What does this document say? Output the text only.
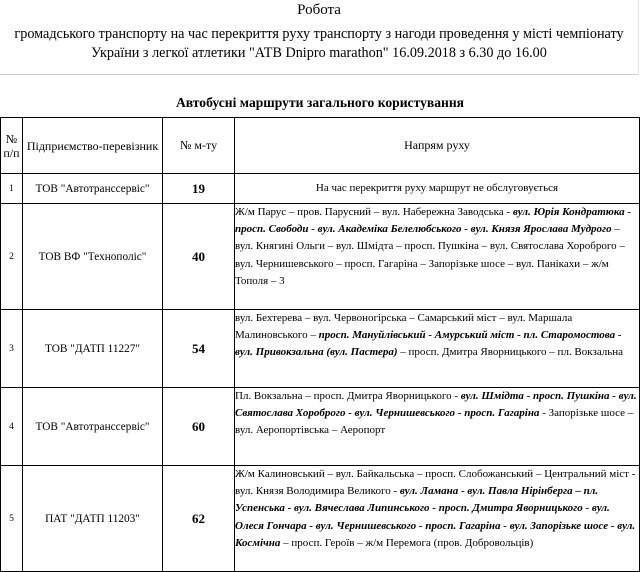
Робота
громадського транспорту на час перекриття руху транспорту з нагоди проведення у місті чемпіонату України з легкої атлетики "АТВ Dnipro marathon" 16.09.2018 з 6.30 до 16.00
Автобусні маршрути загального користування
№ п/п	Підприємство-перевізник	№ м-ту	Напрям руху
1	ТОВ "Автотранссервіс"	19	На час перекриття руху маршрут не обслуговується
2	ТОВ ВФ "Технополіс"	40	Ж/м Парус – пров. Парусний – вул. Набережна Заводська - вул. Юрія Кондратюка - просп. Свободи - вул. Академіка Белелюбського - вул. Князя Ярослава Мудрого – вул. Княгині Ольги – вул. Шмідта – просп. Пушкіна – вул. Святослава Хороброго – вул. Чернишевського – просп. Гагаріна – Запорізьке шосе – вул. Панікахи – ж/м Тополя – 3
3	ТОВ "ДАТП 11227"	54	вул. Бехтерева – вул. Червоногірська – Самарський міст – вул. Маршала Малиновського – просп. Мануйлівський - Амурський міст - пл. Старомостова - вул. Привокзальна (вул. Пастера) – просп. Дмитра Яворницького – пл. Вокзальна
4	ТОВ "Автотранссервіс"	60	Пл. Вокзальна – просп. Дмитра Яворницького - вул. Шмідта - просп. Пушкіна - вул. Святослава Хороброго - вул. Чернишевського - просп. Гагаріна - Запорізьке шосе – вул. Аеропортівська – Аеропорт
5	ПАТ "ДАТП 11203"	62	Ж/м Калиновський – вул. Байкальська – просп. Слобожанський – Центральний міст - вул. Князя Володимира Великого - вул. Ламана - вул. Павла Нірінберга – пл. Успенська - вул. Вячеслава Липинського - просп. Дмитра Яворницького - вул. Олеся Гончара - вул. Чернишевського - просп. Гагаріна - вул. Запорізьке шосе - вул. Космічна – просп. Героїв – ж/м Перемога (пров. Добровольців)
